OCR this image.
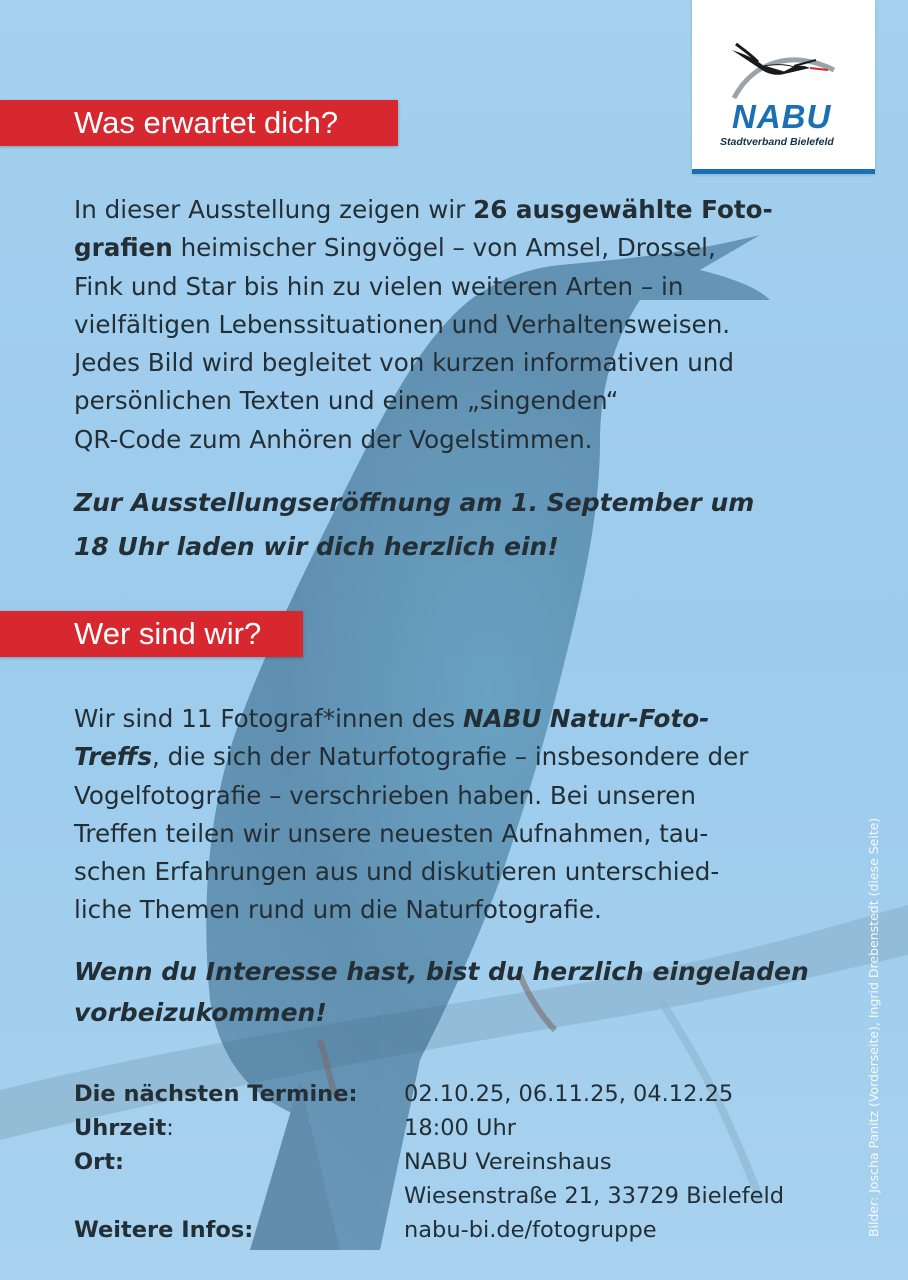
NABU
Stadtverband Bielefeld
Was erwartet dich?
In dieser Ausstellung zeigen wir 26 ausgewählte Foto-
grafien heimischer Singvögel – von Amsel, Drossel,
Fink und Star bis hin zu vielen weiteren Arten – in
vielfältigen Lebenssituationen und Verhaltensweisen.
Jedes Bild wird begleitet von kurzen informativen und
persönlichen Texten und einem „singenden“
QR-Code zum Anhören der Vogelstimmen.
Zur Ausstellungseröffnung am 1. September um
18 Uhr laden wir dich herzlich ein!
Wer sind wir?
Wir sind 11 Fotograf*innen des NABU Natur-Foto-
Treffs, die sich der Naturfotografie – insbesondere der
Vogelfotografie – verschrieben haben. Bei unseren
Treffen teilen wir unsere neuesten Aufnahmen, tau-
schen Erfahrungen aus und diskutieren unterschied-
liche Themen rund um die Naturfotografie.
Wenn du Interesse hast, bist du herzlich eingeladen
vorbeizukommen!
Die nächsten Termine: 02.10.25, 06.11.25, 04.12.25
Uhrzeit:	18:00 Uhr
Ort:	NABU Vereinshaus
Wiesenstraße 21, 33729 Bielefeld
Weitere Infos:	nabu-bi.de/fotogruppe	Bilder: Joscha Panitz (Vorderseite), Ingrid Drebenstedt (diese Seite)
